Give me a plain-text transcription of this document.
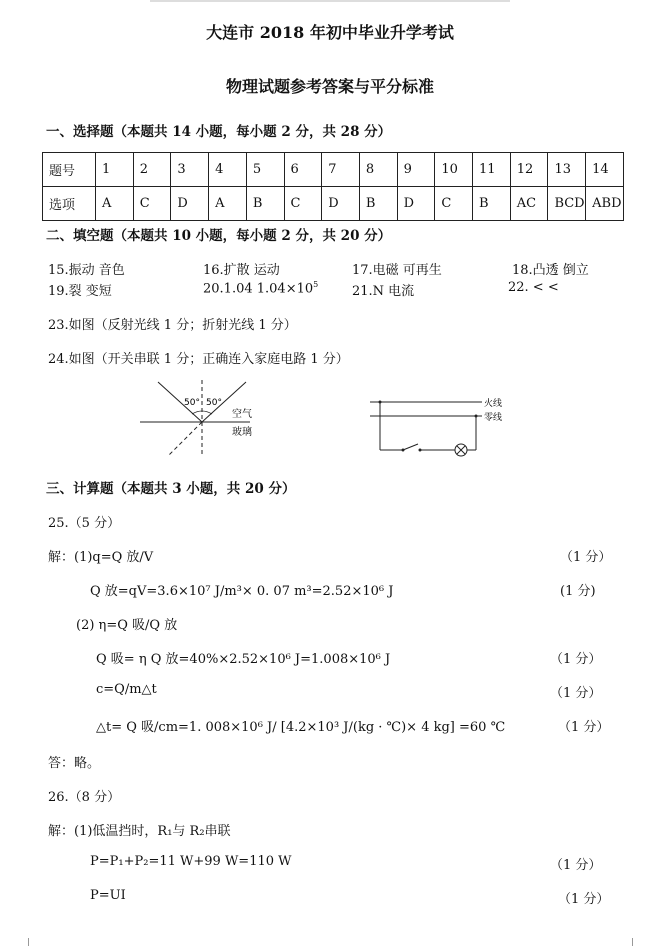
大连市 2018 年初中毕业升学考试
物理试题参考答案与平分标准
一、选择题（本题共 14 小题，每小题 2 分，共 28 分）
题号	1	2	3	4	5	6	7	8	9	10	11	12	13	14
选项	A	C	D	A	B	C	D	B	D	C	B	AC	BCD	ABD
二、填空题（本题共 10 小题，每小题 2 分，共 20 分）
15.振动 音色	16.扩散 运动	17.电磁 可再生	18.凸透 倒立
19.裂 变短	20.1.04 $1.04\times 10^5$	21.N 电流	22. < <
23.如图（反射光线 1 分；折射光线 1 分）
24.如图（开关串联 1 分；正确连入家庭电路 1 分）
50° 50°
空气
玻璃
火线
零线
三、计算题（本题共 3 小题，共 20 分）
25.（5 分）
解：(1)q=Q 放/V	（1 分）
Q 放=qV=3.6×10⁷ J/m³× 0. 07 m³=2.52×10⁶ J	(1 分)
(2) η=Q 吸/Q 放
Q 吸= η Q 放=40%×2.52×10⁶ J=1.008×10⁶ J	（1 分）
c=Q/m△t	（1 分）
△t= Q 吸/cm=1. 008×10⁶ J/ [4.2×10³ J/(kg · ℃)× 4 kg] =60 ℃	（1 分）
答：略。
26.（8 分）
解：(1)低温挡时，R₁与 R₂串联
P=P₁+P₂=11 W+99 W=110 W	（1 分）
P=UI	（1 分）
